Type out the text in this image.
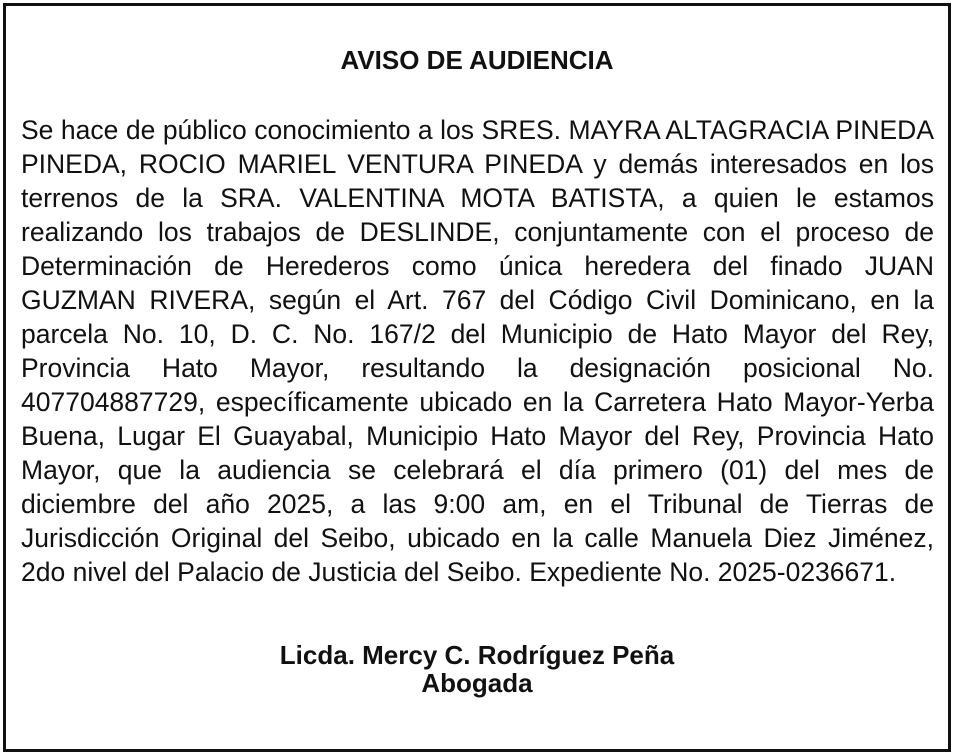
AVISO DE AUDIENCIA

Se hace de público conocimiento a los SRES. MAYRA ALTAGRACIA PINEDA PINEDA, ROCIO MARIEL VENTURA PINEDA y demás interesados en los terrenos de la SRA. VALENTINA MOTA BATISTA, a quien le estamos realizando los trabajos de DESLINDE, conjuntamente con el proceso de Determinación de Herederos como única heredera del finado JUAN GUZMAN RIVERA, según el Art. 767 del Código Civil Dominicano, en la parcela No. 10, D. C. No. 167/2 del Municipio de Hato Mayor del Rey, Provincia Hato Mayor, resultando la designación posicional No. 407704887729, específicamente ubicado en la Carretera Hato Mayor-Yerba Buena, Lugar El Guayabal, Municipio Hato Mayor del Rey, Provincia Hato Mayor, que la audiencia se celebrará el día primero (01) del mes de diciembre del año 2025, a las 9:00 am, en el Tribunal de Tierras de Jurisdicción Original del Seibo, ubicado en la calle Manuela Diez Jiménez, 2do nivel del Palacio de Justicia del Seibo. Expediente No. 2025-0236671.

Licda. Mercy C. Rodríguez Peña
Abogada
